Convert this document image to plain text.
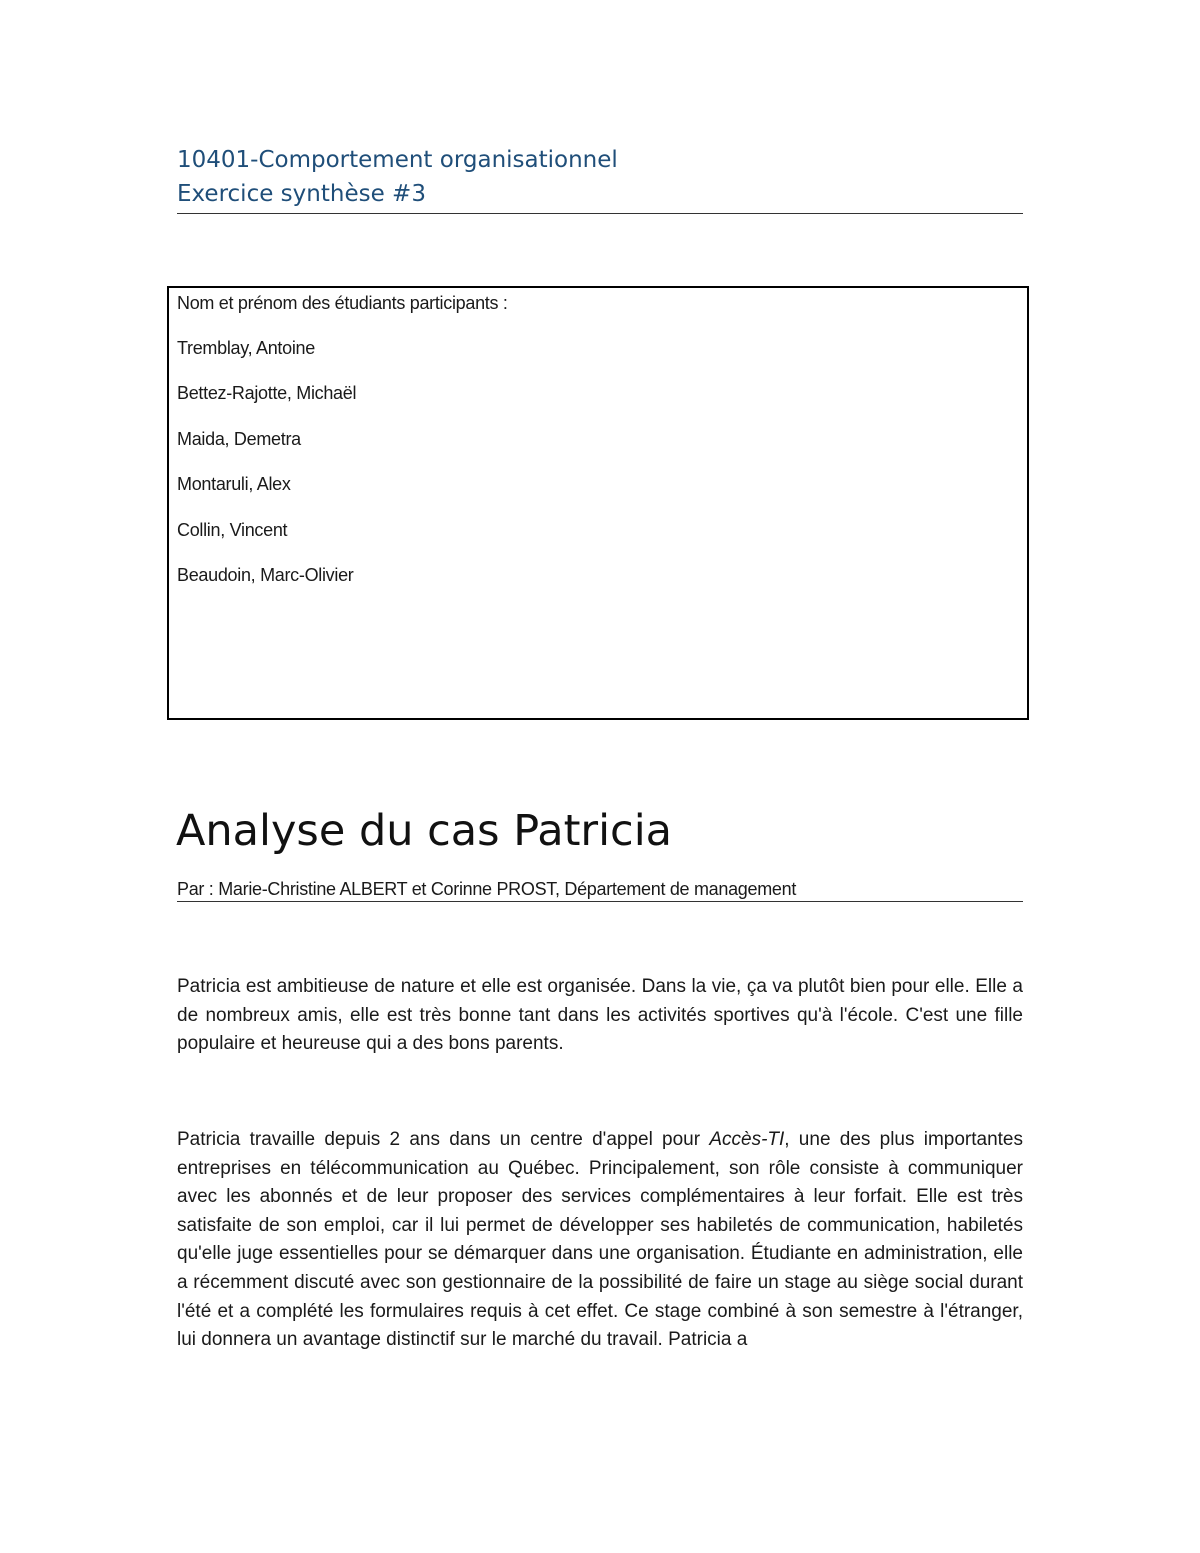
10401-Comportement organisationnel

Exercice synthèse #3

Nom et prénom des étudiants participants :

Tremblay, Antoine
Bettez-Rajotte, Michaël
Maida, Demetra
Montaruli, Alex
Collin, Vincent
Beaudoin, Marc-Olivier
Analyse du cas Patricia

Par : Marie-Christine ALBERT et Corinne PROST, Département de management

Patricia est ambitieuse de nature et elle est organisée. Dans la vie, ça va plutôt bien pour elle. Elle a de nombreux amis, elle est très bonne tant dans les activités sportives qu'à l'école. C'est une fille populaire et heureuse qui a des bons parents.

Patricia travaille depuis 2 ans dans un centre d'appel pour Accès-TI, une des plus importantes entreprises en télécommunication au Québec. Principalement, son rôle consiste à communiquer avec les abonnés et de leur proposer des services complémentaires à leur forfait. Elle est très satisfaite de son emploi, car il lui permet de développer ses habiletés de communication, habiletés qu'elle juge essentielles pour se démarquer dans une organisation. Étudiante en administration, elle a récemment discuté avec son gestionnaire de la possibilité de faire un stage au siège social durant l'été et a complété les formulaires requis à cet effet. Ce stage combiné à son semestre à l'étranger, lui donnera un avantage distinctif sur le marché du travail. Patricia a
